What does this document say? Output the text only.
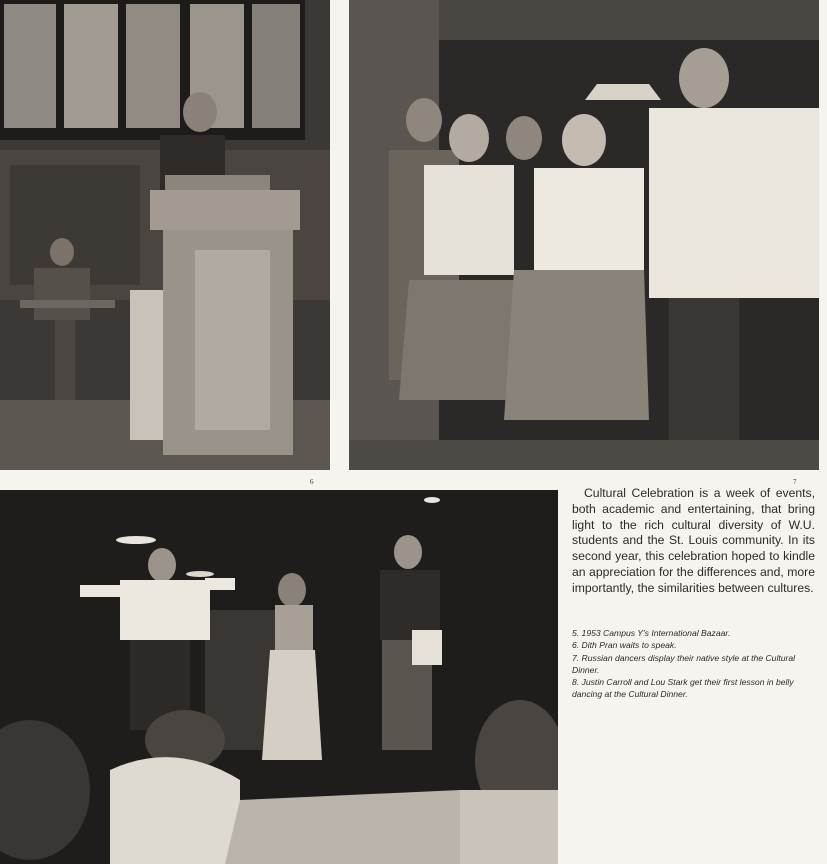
6	7

Cultural Celebration is a week of events, both academic and entertaining, that bring light to the rich cultural diversity of W.U. students and the St. Louis community. In its second year, this celebration hoped to kindle an appreciation for the differences and, more importantly, the similarities between cultures.

5. 1953 Campus Y's International Bazaar.
6. Dith Pran waits to speak.
7. Russian dancers display their native style at the Cultural Dinner.
8. Justin Carroll and Lou Stark get their first lesson in belly dancing at the Cultural Dinner.
